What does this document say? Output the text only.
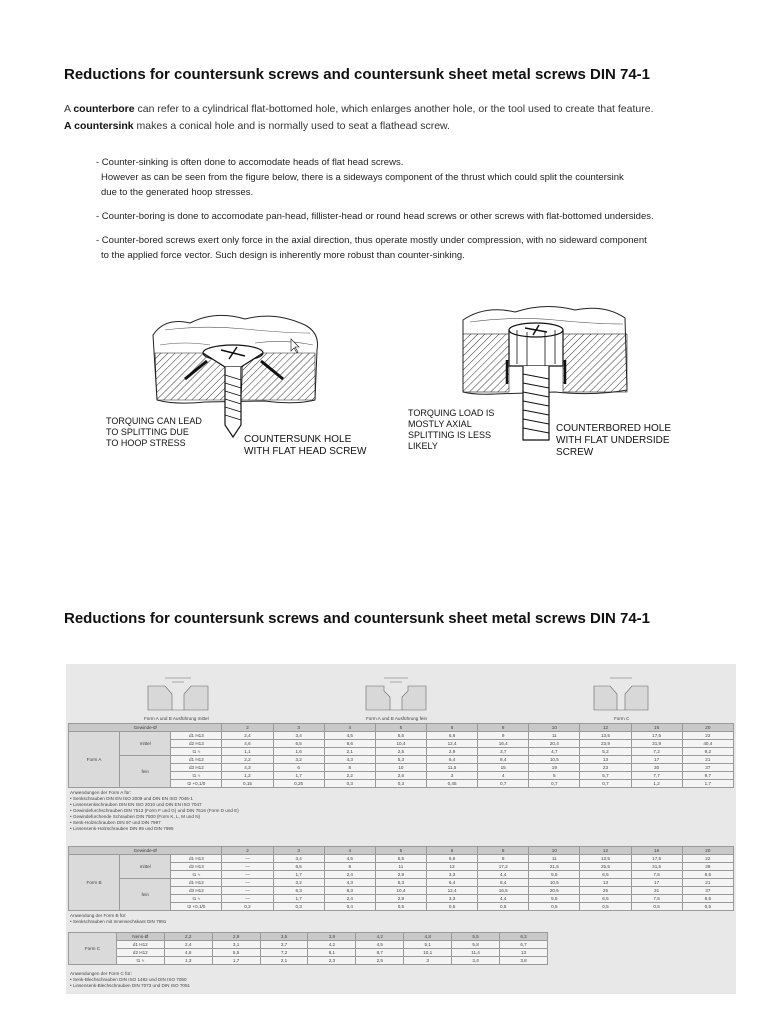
Reductions for countersunk screws and countersunk sheet metal screws DIN 74-1
A counterbore can refer to a cylindrical flat-bottomed hole, which enlarges another hole, or the tool used to create that feature.
A countersink makes a conical hole and is normally used to seat a flathead screw.

- Counter-sinking is often done to accomodate heads of flat head screws.
However as can be seen from the figure below, there is a sideways component of the thrust which could split the countersink
due to the generated hoop stresses.

- Counter-boring is done to accomodate pan-head, fillister-head or round head screws or other screws with flat-bottomed undersides.

- Counter-bored screws exert only force in the axial direction, thus operate mostly under compression, with no sideward component
to the applied force vector. Such design is inherently more robust than counter-sinking.

TORQUING CAN LEAD
TO SPLITTING DUE
TO HOOP STRESS	COUNTERSUNK HOLE
WITH FLAT HEAD SCREW
TORQUING LOAD IS
MOSTLY AXIAL
SPLITTING IS LESS
LIKELY
COUNTERBORED HOLE
WITH FLAT UNDERSIDE
SCREW
Reductions for countersunk screws and countersunk sheet metal screws DIN 74-1
Form A und B Ausführung mittel	Form A und B Ausführung fein	Form C
Gewinde-Ø			2	3	4	5	6	8	10	12	16	20
Form A	mittel	d1 H13	2,4	3,4	4,5	5,5	6,6	9	11	13,5	17,5	22
		d2 H13	4,6	6,5	8,6	10,4	12,4	16,4	20,4	23,9	31,9	40,4
		t1 ≈	1,1	1,6	2,1	2,5	2,9	3,7	4,7	5,2	7,2	9,2
	fein	d1 H12	2,2	3,2	4,3	5,3	6,4	8,4	10,5	13	17	21
		d3 H12	4,3	6	8	10	11,5	15	19	23	30	37
		t1 ≈	1,2	1,7	2,2	2,6	3	4	5	5,7	7,7	9,7
		t2 +0,1/0	0,15	0,25	0,3	0,3	0,45	0,7	0,7	0,7	1,2	1,7
Anwendungen der Form A für:
• Senkschrauben DIN EN ISO 2009 und DIN EN ISO 7046-1
• Linsensenkschrauben DIN EN ISO 2010 und DIN EN ISO 7047
• Gewindefurchschrauben DIN 7513 (Form F und G) und DIN 7516 (Form D und E)
• Gewindefurchende Schrauben DIN 7500 (Form K, L, M und N)
• Senk-Holzschrauben DIN 97 und DIN 7997
• Linsensenk-Holzschrauben DIN 95 und DIN 7995
Gewinde-Ø			2	3	4	5	6	8	10	12	16	20
Form B	mittel	d1 H13	—	3,4	4,5	5,5	6,6	9	11	13,5	17,5	22
		d2 H13	—	6,5	9	11	13	17,2	21,5	25,5	31,5	38
		t1 ≈	—	1,7	2,4	2,9	3,3	4,4	5,5	6,5	7,5	8,5
	fein	d1 H12	—	3,2	4,3	5,3	6,4	8,4	10,5	13	17	21
		d3 H12	—	6,3	8,3	10,4	12,4	16,5	20,5	25	31	37
		t1 ≈	—	1,7	2,4	2,9	3,3	4,4	5,5	6,5	7,5	8,5
		t2 +0,1/0	0,2	0,3	0,4	0,5	0,5	0,5	0,5	0,5	0,5	0,5
Anwendung der Form B für:
• Senkschrauben mit Innensechskant DIN 7991
Form C	Nenn-Ø	2,2	2,9	3,5	3,9	4,2	4,8	5,5	6,3
	d1 H12	2,4	3,1	3,7	4,2	4,5	5,1	5,8	6,7
	d2 H12	4,6	5,5	7,2	8,1	8,7	10,1	11,4	13
	t1 ≈	1,3	1,7	2,1	2,3	2,5	3	3,4	3,8
Anwendungen der Form C für:
• Senk-Blechschrauben DIN ISO 1482 und DIN ISO 7050
• Linsensenk-Blechschrauben DIN 7073 und DIN ISO 7051
